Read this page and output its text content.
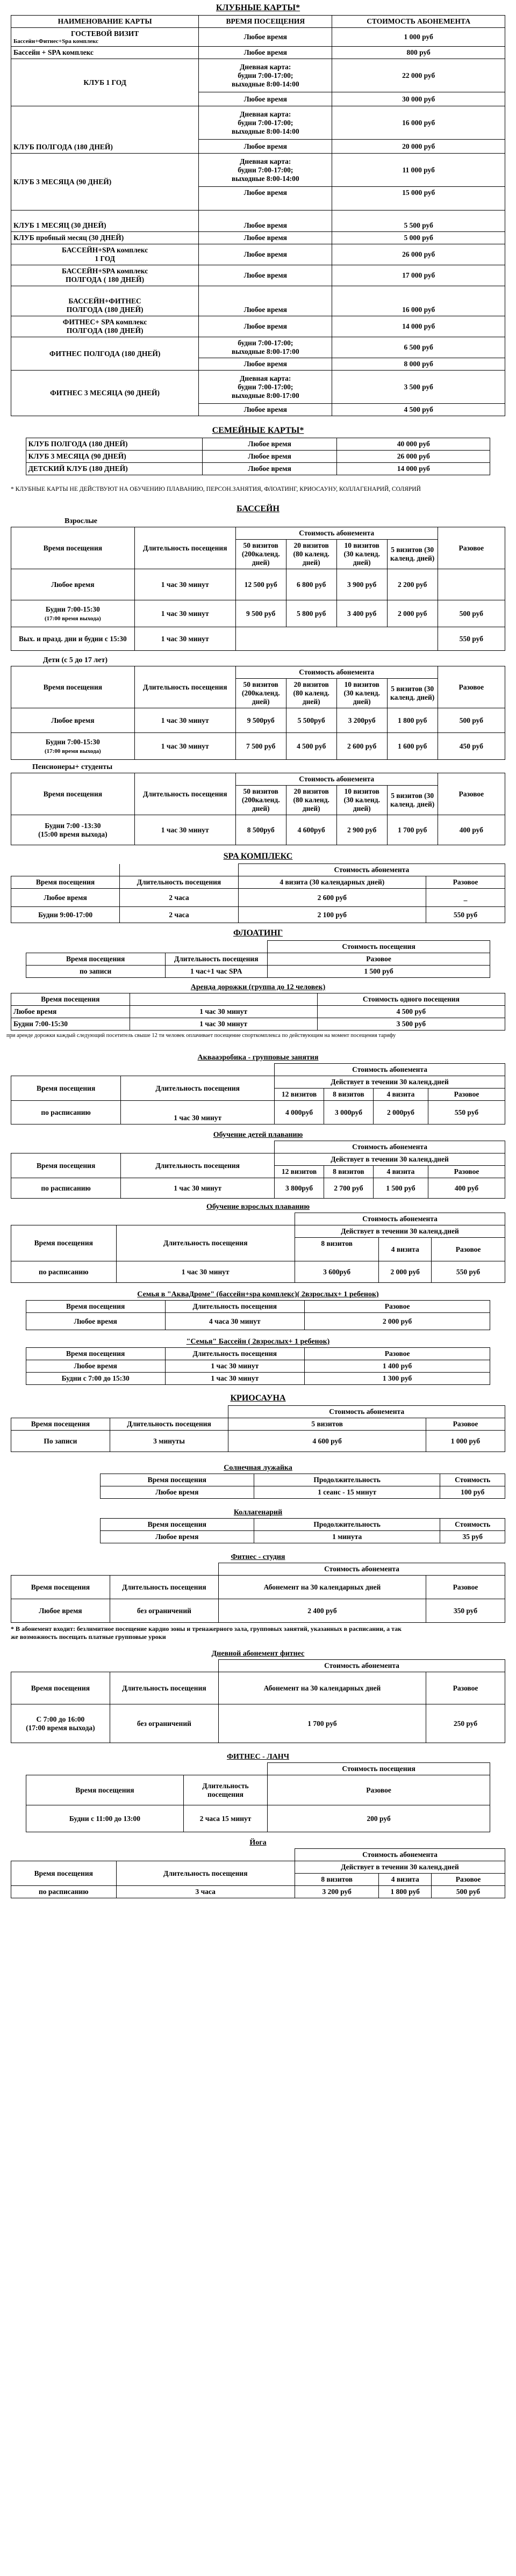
КЛУБНЫЕ КАРТЫ*
НАИМЕНОВАНИЕ КАРТЫ	ВРЕМЯ ПОСЕЩЕНИЯ	СТОИМОСТЬ АБОНЕМЕНТА

ГОСТЕВОЙ ВИЗИТ
Бассейн+Фитнес+Spa комплекс	Любое время	1 000 руб
Бассейн + SPA комплекс	Любое время	800 руб
КЛУБ 1 ГОД	Дневная карта:
будни 7:00-17:00;
выходные 8:00-14:00	22 000 руб
	Любое время	30 000 руб
КЛУБ ПОЛГОДА (180 ДНЕЙ)	Дневная карта:
будни 7:00-17:00;
выходные 8:00-14:00	16 000 руб
	Любое время	20 000 руб
КЛУБ 3 МЕСЯЦА (90 ДНЕЙ)	Дневная карта:
будни 7:00-17:00;
выходные 8:00-14:00	11 000 руб
	Любое время	15 000 руб
КЛУБ 1 МЕСЯЦ (30 ДНЕЙ)	Любое время	5 500 руб
КЛУБ пробный месяц (30 ДНЕЙ)	Любое время	5 000 руб

БАССЕЙН+SPA комплекс
1 ГОД	Любое время	26 000 руб

БАССЕЙН+SPA комплекс
ПОЛГОДА ( 180 ДНЕЙ)	Любое время	17 000 руб

БАССЕЙН+ФИТНЕС
ПОЛГОДА (180 ДНЕЙ)	Любое время	16 000 руб

ФИТНЕС+ SPA комплекс
ПОЛГОДА (180 ДНЕЙ)	Любое время	14 000 руб
ФИТНЕС ПОЛГОДА (180 ДНЕЙ)	будни 7:00-17:00;
выходные 8:00-17:00	6 500 руб
	Любое время	8 000 руб
ФИТНЕС 3 МЕСЯЦА (90 ДНЕЙ)	Дневная карта:
будни 7:00-17:00;
выходные 8:00-17:00	3 500 руб
	Любое время	4 500 руб
СЕМЕЙНЫЕ КАРТЫ*
КЛУБ ПОЛГОДА (180 ДНЕЙ)	Любое время	40 000 руб
КЛУБ 3 МЕСЯЦА (90 ДНЕЙ)	Любое время	26 000 руб
ДЕТСКИЙ КЛУБ (180 ДНЕЙ)	Любое время	14 000 руб
* КЛУБНЫЕ КАРТЫ НЕ ДЕЙСТВУЮТ НА ОБУЧЕНИЮ ПЛАВАНИЮ, ПЕРСОН.ЗАНЯТИЯ, ФЛОАТИНГ, КРИОСАУНУ, КОЛЛАГЕНАРИЙ, СОЛЯРИЙ
БАССЕЙН
Взрослые
Время посещения	Длительность посещения	Стоимость абонемента				Разовое
		50 визитов (200календ. дней)	20 визитов (80 календ. дней)	10 визитов (30 календ. дней)	5 визитов (30 календ. дней)	
Любое время	1 час 30 минут	12 500 руб	6 800 руб	3 900 руб	2 200 руб	
Будни 7:00-15:30
(17:00 время выхода)	1 час 30 минут	9 500 руб	5 800 руб	3 400 руб	2 000 руб	500 руб
Вых. и празд. дни и будни с 15:30	1 час 30 минут					550 руб
Дети (с 5 до 17 лет)
Время посещения	Длительность посещения	Стоимость абонемента				Разовое
		50 визитов (200календ. дней)	20 визитов (80 календ. дней)	10 визитов (30 календ. дней)	5 визитов (30 календ. дней)	
Любое время	1 час 30 минут	9 500руб	5 500руб	3 200руб	1 800 руб	500 руб
Будни 7:00-15:30
(17:00 время выхода)	1 час 30 минут	7 500 руб	4 500 руб	2 600 руб	1 600 руб	450 руб
Пенсионеры+ студенты
Время посещения	Длительность посещения	Стоимость абонемента				Разовое
		50 визитов (200календ. дней)	20 визитов (80 календ. дней)	10 визитов (30 календ. дней)	5 визитов (30 календ. дней)	
Будни 7:00 -13:30
(15:00 время выхода)	1 час 30 минут	8 500руб	4 600руб	2 900 руб	1 700 руб	400 руб
SPA КОМПЛЕКС
		Стоимость абонемента	
Время посещения	Длительность посещения	4 визита (30 календарных дней)	Разовое
Любое время	2 часа	2 600 руб	_
Будни 9:00-17:00	2 часа	2 100 руб	550 руб
ФЛОАТИНГ
		Стоимость посещения
Время посещения	Длительность посещения	Разовое
по записи	1 час+1 час SPA	1 500 руб
Аренда дорожки (группа до 12 человек)
Время посещения		Стоимость одного посещения
Любое время	1 час 30 минут	4 500 руб
Будни 7:00-15:30	1 час 30 минут	3 500 руб
при аренде дорожки каждый следующий посетитель свыше 12 ти человек оплачивает посещение спорткомплекса по действующим на момент посещения тарифу
Аквааэробика - групповые занятия
		Стоимость абонемента			
Время посещения	Длительность посещения	Действует в течении 30 календ.дней			
		12 визитов	8 визитов	4 визита	Разовое
по расписанию	1 час 30 минут	4 000руб	3 000руб	2 000руб	550 руб
Обучение детей плаванию
		Стоимость абонемента			
Время посещения	Длительность посещения	Действует в течении 30 календ.дней			
		12 визитов	8 визитов	4 визита	Разовое
по расписанию	1 час 30 минут	3 800руб	2 700 руб	1 500 руб	400 руб
Обучение взрослых плаванию
		Стоимость абонемента		
Время посещения	Длительность посещения	Действует в течении 30 календ.дней		
		8 визитов	4 визита	Разовое
по расписанию	1 час 30 минут	3 600руб	2 000 руб	550 руб
Семья в "АкваДроме" (бассейн+spa комплекс)( 2взрослых+ 1 ребенок)
Время посещения	Длительность посещения	Разовое
Любое время	4 часа 30 минут	2 000 руб
"Семья" Бассейн ( 2взрослых+ 1 ребенок)
Время посещения	Длительность посещения	Разовое
Любое время	1 час 30 минут	1 400 руб
Будни с 7:00 до 15:30	1 час 30 минут	1 300 руб
КРИОСАУНА
		Стоимость абонемента	
Время посещения	Длительность посещения	5 визитов	Разовое
По записи	3 минуты	4 600 руб	1 000 руб
Солнечная лужайка
Время посещения	Продолжительность	Стоимость
Любое время	1 сеанс - 15 минут	100 руб
Коллагенарий
Время посещения	Продолжительность	Стоимость
Любое время	1 минута	35 руб
Фитнес - студия
		Стоимость абонемента	
Время посещения	Длительность посещения	Абонемент на 30 календарных дней	Разовое
Любое время	без ограничений	2 400 руб	350 руб
* В абонемент входит: безлимитное посещение кардио зоны и тренажерного зала, групповых занятий, указанных в расписании, а так же возможность посещать платные групповые уроки
Дневной абонемент фитнес
		Стоимость абонемента	
Время посещения	Длительность посещения	Абонемент на 30 календарных дней	Разовое
С 7:00 до 16:00
(17:00 время выхода)	без ограничений	1 700 руб	250 руб
ФИТНЕС - ЛАНЧ
		Стоимость посещения
Время посещения	Длительность посещения	Разовое
Будни с 11:00 до 13:00	2 часа 15 минут	200 руб
Йога
		Стоимость абонемента		
Время посещения	Длительность посещения	Действует в течении 30 календ.дней		
		8 визитов	4 визита	Разовое
по расписанию	3 часа	3 200 руб	1 800 руб	500 руб
